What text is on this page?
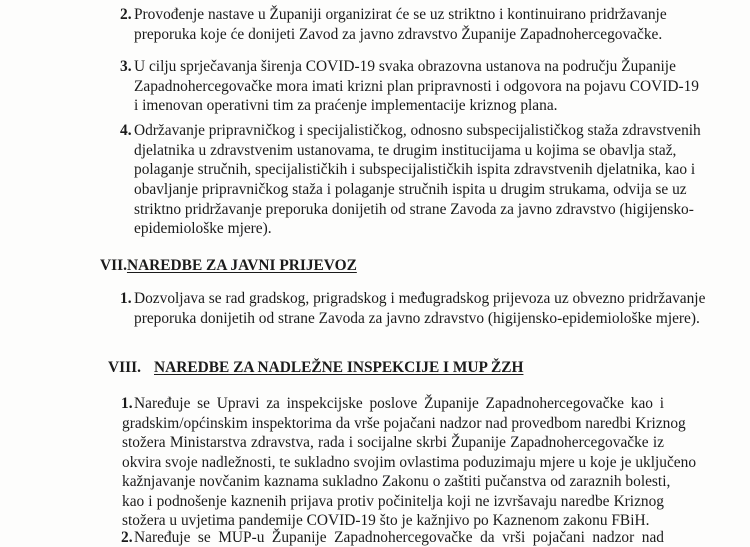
2. Provođenje nastave u Županiji organizirat će se uz striktno i kontinuirano pridržavanje
preporuka koje će donijeti Zavod za javno zdravstvo Županije Zapadnohercegovačke.
3. U cilju sprječavanja širenja COVID-19 svaka obrazovna ustanova na području Županije
Zapadnohercegovačke mora imati krizni plan pripravnosti i odgovora na pojavu COVID-19
i imenovan operativni tim za praćenje implementacije kriznog plana.
4. Održavanje pripravničkog i specijalističkog, odnosno subspecijalističkog staža zdravstvenih
djelatnika u zdravstvenim ustanovama, te drugim institucijama u kojima se obavlja staž,
polaganje stručnih, specijalističkih i subspecijalističkih ispita zdravstvenih djelatnika, kao i
obavljanje pripravničkog staža i polaganje stručnih ispita u drugim strukama, odvija se uz
striktno pridržavanje preporuka donijetih od strane Zavoda za javno zdravstvo (higijensko-
epidemiološke mjere).
VII.NAREDBE ZA JAVNI PRIJEVOZ
1. Dozvoljava se rad gradskog, prigradskog i međugradskog prijevoza uz obvezno pridržavanje
preporuka donijetih od strane Zavoda za javno zdravstvo (higijensko-epidemiološke mjere).
VIII. NAREDBE ZA NADLEŽNE INSPEKCIJE I MUP ŽZH
1. Naređuje se Upravi za inspekcijske poslove Županije Zapadnohercegovačke kao i
gradskim/općinskim inspektorima da vrše pojačani nadzor nad provedbom naredbi Kriznog
stožera Ministarstva zdravstva, rada i socijalne skrbi Županije Zapadnohercegovačke iz
okvira svoje nadležnosti, te sukladno svojim ovlastima poduzimaju mjere u koje je uključeno
kažnjavanje novčanim kaznama sukladno Zakonu o zaštiti pučanstva od zaraznih bolesti,
kao i podnošenje kaznenih prijava protiv počinitelja koji ne izvršavaju naredbe Kriznog
stožera u uvjetima pandemije COVID-19 što je kažnjivo po Kaznenom zakonu FBiH.
2. Naređuje se MUP-u Županije Zapadnohercegovačke da vrši pojačani nadzor nad
